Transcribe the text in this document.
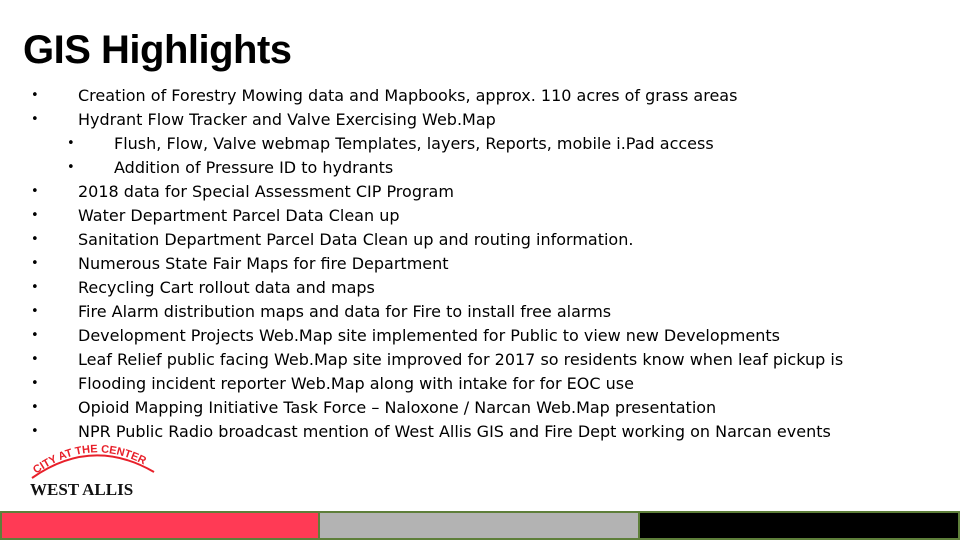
GIS Highlights
• Creation of Forestry Mowing data and Mapbooks, approx. 110 acres of grass areas
• Hydrant Flow Tracker and Valve Exercising Web.Map
• Flush, Flow, Valve webmap Templates, layers, Reports, mobile i.Pad access
• Addition of Pressure ID to hydrants
• 2018 data for Special Assessment CIP Program
• Water Department Parcel Data Clean up
• Sanitation Department Parcel Data Clean up and routing information.
• Numerous State Fair Maps for fire Department
• Recycling Cart rollout data and maps
• Fire Alarm distribution maps and data for Fire to install free alarms
• Development Projects Web.Map site implemented for Public to view new Developments
• Leaf Relief public facing Web.Map site improved for 2017 so residents know when leaf pickup is
• Flooding incident reporter Web.Map along with intake for for EOC use
• Opioid Mapping Initiative Task Force – Naloxone / Narcan Web.Map presentation
• NPR Public Radio broadcast mention of West Allis GIS and Fire Dept working on Narcan events
CITY AT THE CENTER
WEST ALLIS
